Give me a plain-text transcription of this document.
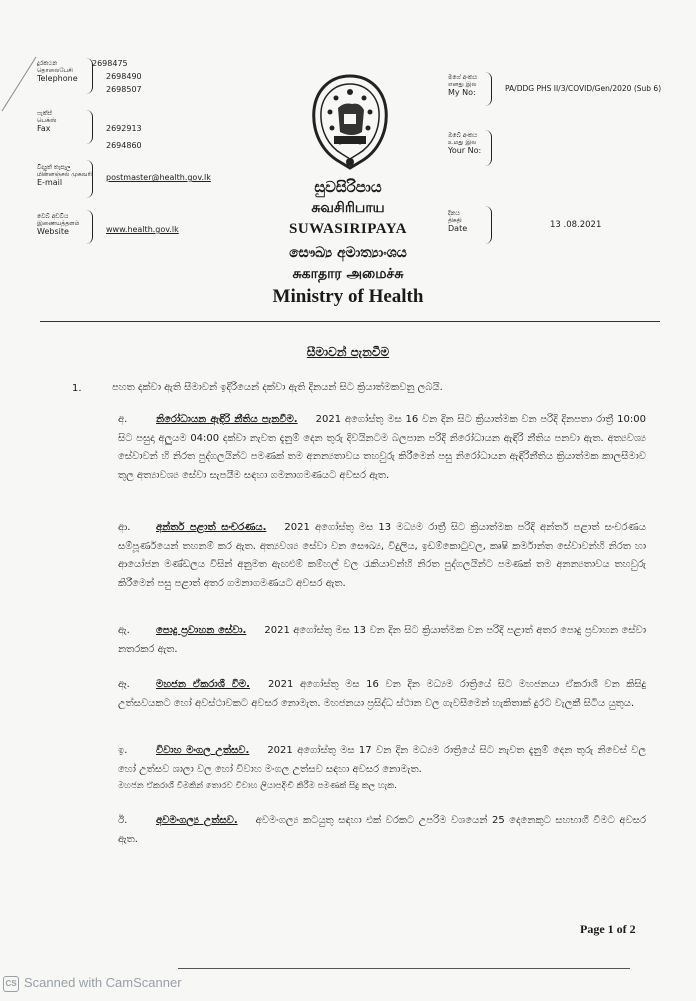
දුරකථන
தொலைபேசி
Telephone
2698475
2698490
2698507
ෆැක්ස්
பெக்ஸ்
Fax	2692913
2694860
විද්‍යුත් තැපෑල
மின்னஞ்சல் முகவரி
E-mail
postmaster@health.gov.lk
වෙබ් අඩවිය
இணையத்தளம்
Website	www.health.gov.lk
සුවසිරිපාය
சுவசிரிபாய
SUWASIRIPAYA
සෞඛ්‍ය අමාත්‍යාංශය
சுகாதார அமைச்சு
Ministry of Health
මගේ අංකය
எனது இல
My No:	PA/DDG PHS II/3/COVID/Gen/2020 (Sub 6)
ඔබේ අංකය
உமது இல
Your No:
දිනය
திகதி
Date	13 .08.2021
සීමාවන් පැනවීම
1.	පහත දක්වා ඇති සීමාවන් ඉදිරියෙන් දක්වා ඇති දිනයන් සිට ක්‍රියාත්මකවනු ලබයි.
අ.	නිරෝධායන ඇඳිරි නීතිය පැනවීම. 2021 අගෝස්තු මස 16 වන දින සිට ක්‍රියාත්මක වන පරිදි දිනපතා රාත්‍රී 10:00 සිට පසුදා අලුයම 04:00 දක්වා නැවත දැනුම් දෙන තුරු දිවයිනටම බලපාන පරිදි නිරෝධායන ඇඳිරි නීතිය පනවා ඇත. අත්‍යවශ්‍ය සේවාවන් හි නිරත පුද්ගලයින්ට පමණක් තම අනන්‍යතාවය තහවුරු කිරීමෙන් පසු නිරෝධායන ඇඳිරිනීතිය ක්‍රියාත්මක කාලසීමාව තුල අත්‍යාවශ්‍ය සේවා සැපයීම සඳහා ගමනාගමණයට අවසර ඇත.
ආ.	අන්තර් පළාත් සංචරණය. 2021 අගෝස්තු මස 13 මධ්‍යම රාත්‍රී සිට ක්‍රියාත්මක පරිදි අන්තර් පළාත් සංචරණය සම්පූර්ණයෙන් තහනම් කර ඇත. අත්‍යවශ්‍ය සේවා වන සෞඛ්‍ය, විදුලිය, ඉඩම්කොටුවල, කෘෂි කර්මාන්ත සේවාවන්හි නිරත හා ආයෝජන මණ්ඩලය විසින් අනුමත ඇඟළුම් කම්හල් වල රැකියාවන්හි නිරත පුද්ගලයින්ට පමණක් තම අනන්‍යතාවය තහවුරු කිරීමෙන් පසු පළාත් අතර ගමනාගමණයට අවසර ඇත.
ඇ.	පොදු ප්‍රවාහන සේවා. 2021 අගෝස්තු මස 13 වන දින සිට ක්‍රියාත්මක වන පරිදි පළාත් අතර පොදු ප්‍රවාහන සේවා නතරකර ඇත.
ඈ.	මහජන ඒකරාශී වීම. 2021 අගෝස්තු මස 16 වන දින මධ්‍යම රාත්‍රියේ සිට මහජනයා ඒකරාශී වන කිසිදු උත්සවයකට හෝ අවස්ථාවකට අවසර නොමැත. මහජනයා ප්‍රසිද්ධ ස්ථාන වල ගැවසීමෙන් හැකිතාක් දුරට වැලකී සිටිය යුතුය.
ඉ.	විවාහ මංගල උත්සව. 2021 අගෝස්තු මස 17 වන දින මධ්‍යම රාත්‍රියේ සිට නැවත දැනුම් දෙන තුරු නිවෙස් වල හෝ උත්සව ශාලා වල හෝ විවාහ මංගල උත්සව සඳහා අවසර නොමැත.
මහජන ඒකරාශී වීමකින් තොරව විවාහ ලියාපදිංචි කිරීම පමණක් සිදු කල හැක.
ඊ.	අවමංගල්‍ය උත්සව. අවමංගල්‍ය කටයුතු සඳහා එක් වරකට උපරිම වශයෙන් 25 දෙනෙකුට සහභාගී වීමට අවසර ඇත.
Page 1 of 2
CS Scanned with CamScanner
